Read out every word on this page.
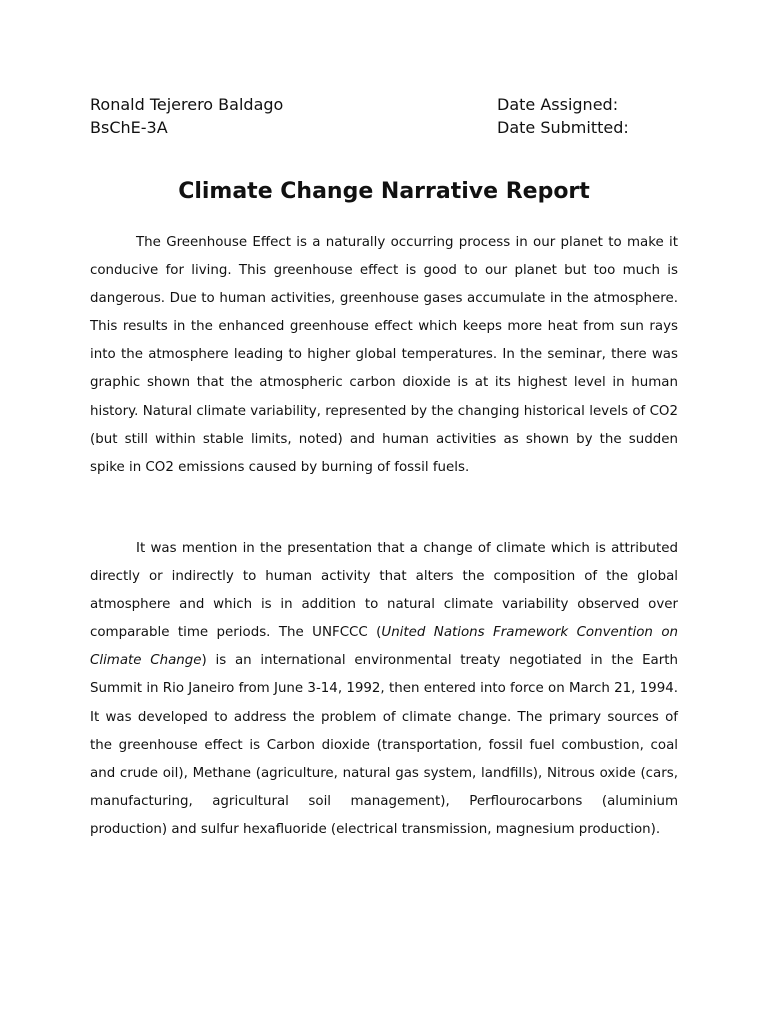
Ronald Tejerero Baldago
BsChE-3A
Date Assigned:
Date Submitted:
Climate Change Narrative Report

The Greenhouse Effect is a naturally occurring process in our planet to make it conducive for living. This greenhouse effect is good to our planet but too much is dangerous. Due to human activities, greenhouse gases accumulate in the atmosphere. This results in the enhanced greenhouse effect which keeps more heat from sun rays into the atmosphere leading to higher global temperatures. In the seminar, there was graphic shown that the atmospheric carbon dioxide is at its highest level in human history. Natural climate variability, represented by the changing historical levels of CO2 (but still within stable limits, noted) and human activities as shown by the sudden spike in CO2 emissions caused by burning of fossil fuels.

It was mention in the presentation that a change of climate which is attributed directly or indirectly to human activity that alters the composition of the global atmosphere and which is in addition to natural climate variability observed over comparable time periods. The UNFCCC (United Nations Framework Convention on Climate Change) is an international environmental treaty negotiated in the Earth Summit in Rio Janeiro from June 3-14, 1992, then entered into force on March 21, 1994. It was developed to address the problem of climate change. The primary sources of the greenhouse effect is Carbon dioxide (transportation, fossil fuel combustion, coal and crude oil), Methane (agriculture, natural gas system, landfills), Nitrous oxide (cars, manufacturing, agricultural soil management), Perflourocarbons (aluminium production) and sulfur hexafluoride (electrical transmission, magnesium production).
